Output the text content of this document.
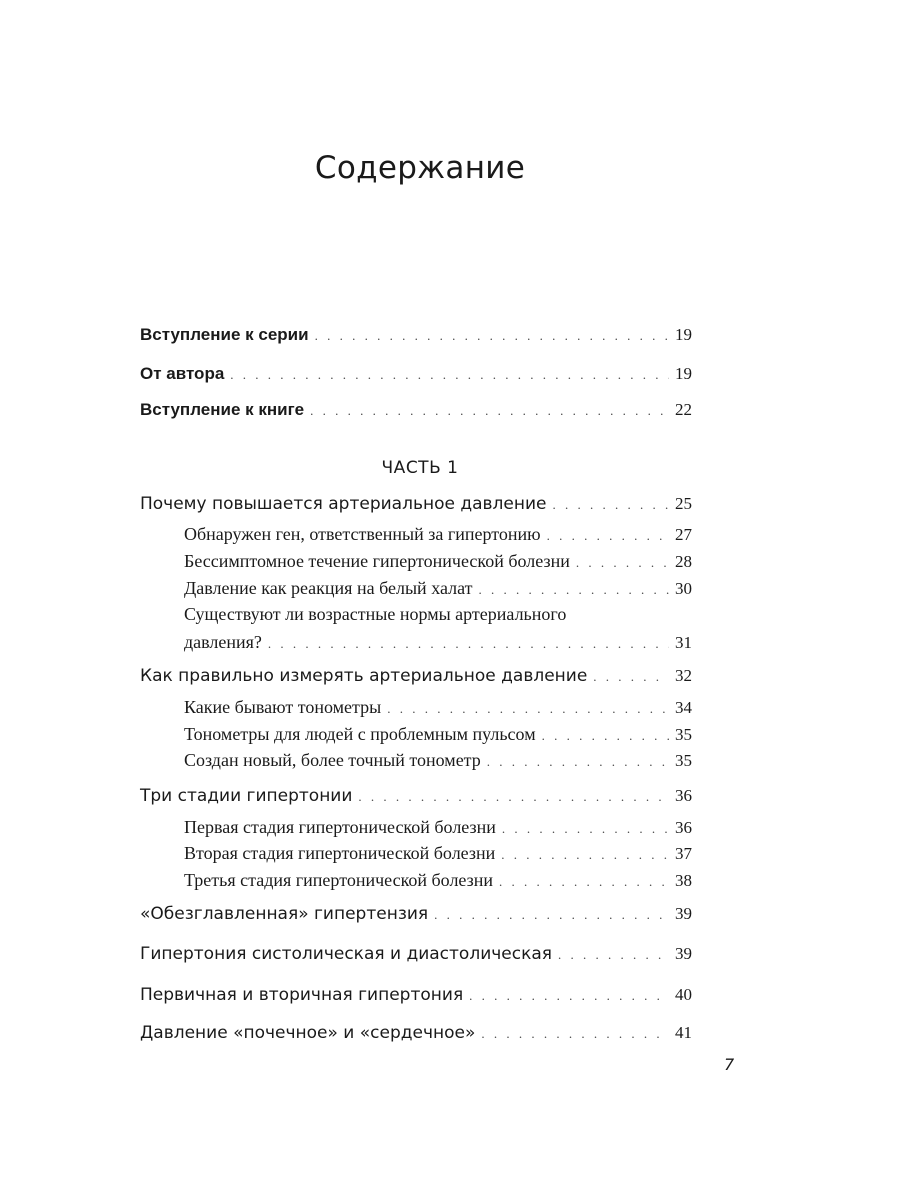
Содержание
Вступление к серии . . .	19
От автора . . .	19
Вступление к книге . . .	22
ЧАСТЬ 1
Почему повышается артериальное давление . . .	25
Обнаружен ген, ответственный за гипертонию . . .	27
Бессимптомное течение гипертонической болезни . . .	28
Давление как реакция на белый халат . . .	30
Существуют ли возрастные нормы артериального
давления? . . .	31
Как правильно измерять артериальное давление . . .	32
Какие бывают тонометры . . .	34
Тонометры для людей с проблемным пульсом . . .	35
Создан новый, более точный тонометр . . .	35
Три стадии гипертонии . . .	36
Первая стадия гипертонической болезни . . .	36
Вторая стадия гипертонической болезни . . .	37
Третья стадия гипертонической болезни . . .	38
«Обезглавленная» гипертензия . . .	39
Гипертония систолическая и диастолическая . . .	39
Первичная и вторичная гипертония . . .	40
Давление «почечное» и «сердечное» . . .	41
7
